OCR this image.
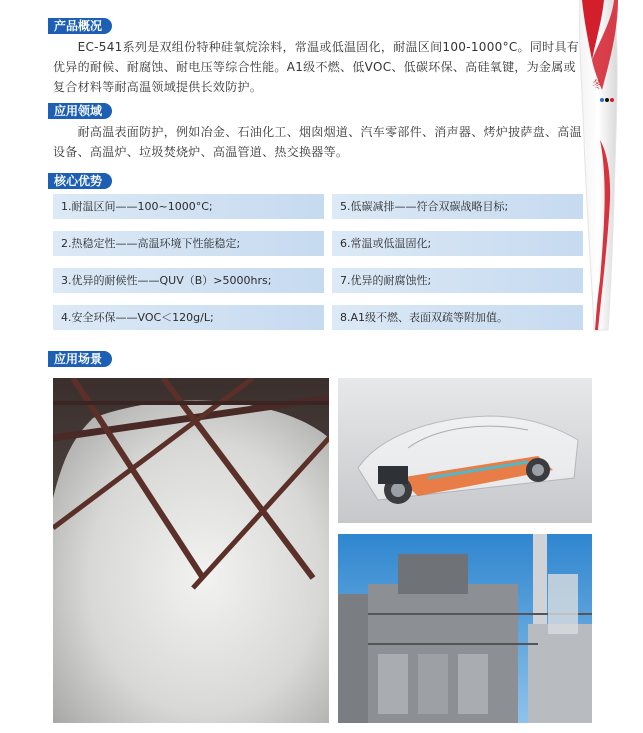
冬
产品概况
　　EC-541系列是双组份特种硅氧烷涂料，常温或低温固化，耐温区间100-1000°C。同时具有优异的耐候、耐腐蚀、耐电压等综合性能。A1级不燃、低VOC、低碳环保、高硅氧键，为金属或复合材料等耐高温领域提供长效防护。
应用领域
　　耐高温表面防护，例如冶金、石油化工、烟囱烟道、汽车零部件、消声器、烤炉披萨盘、高温设备、高温炉、垃圾焚烧炉、高温管道、热交换器等。
核心优势
1.耐温区间——100~1000°C;
2.热稳定性——高温环境下性能稳定;
3.优异的耐候性——QUV（B）>5000hrs;
4.安全环保——VOC＜120g/L;
5.低碳减排——符合双碳战略目标;
6.常温或低温固化;
7.优异的耐腐蚀性;
8.A1级不燃、表面双疏等附加值。
应用场景
